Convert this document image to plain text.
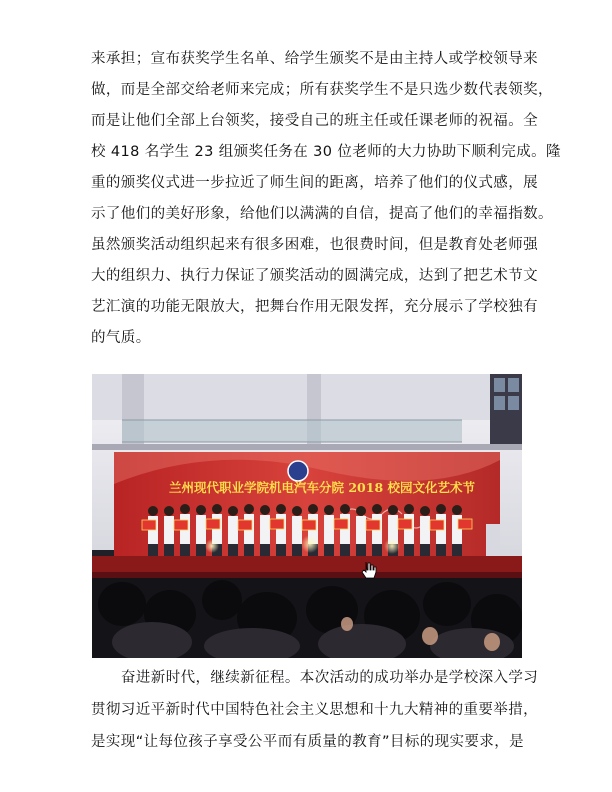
来承担；宣布获奖学生名单、给学生颁奖不是由主持人或学校领导来
做，而是全部交给老师来完成；所有获奖学生不是只选少数代表领奖，
而是让他们全部上台领奖，接受自己的班主任或任课老师的祝福。全
校 418 名学生 23 组颁奖任务在 30 位老师的大力协助下顺利完成。隆
重的颁奖仪式进一步拉近了师生间的距离，培养了他们的仪式感，展
示了他们的美好形象，给他们以满满的自信，提高了他们的幸福指数。
虽然颁奖活动组织起来有很多困难，也很费时间，但是教育处老师强
大的组织力、执行力保证了颁奖活动的圆满完成，达到了把艺术节文
艺汇演的功能无限放大，把舞台作用无限发挥，充分展示了学校独有
的气质。
兰州现代职业学院机电汽车分院 2018 校园文化艺术节
奋进新时代，继续新征程。本次活动的成功举办是学校深入学习
贯彻习近平新时代中国特色社会主义思想和十九大精神的重要举措，
是实现“让每位孩子享受公平而有质量的教育”目标的现实要求，是
